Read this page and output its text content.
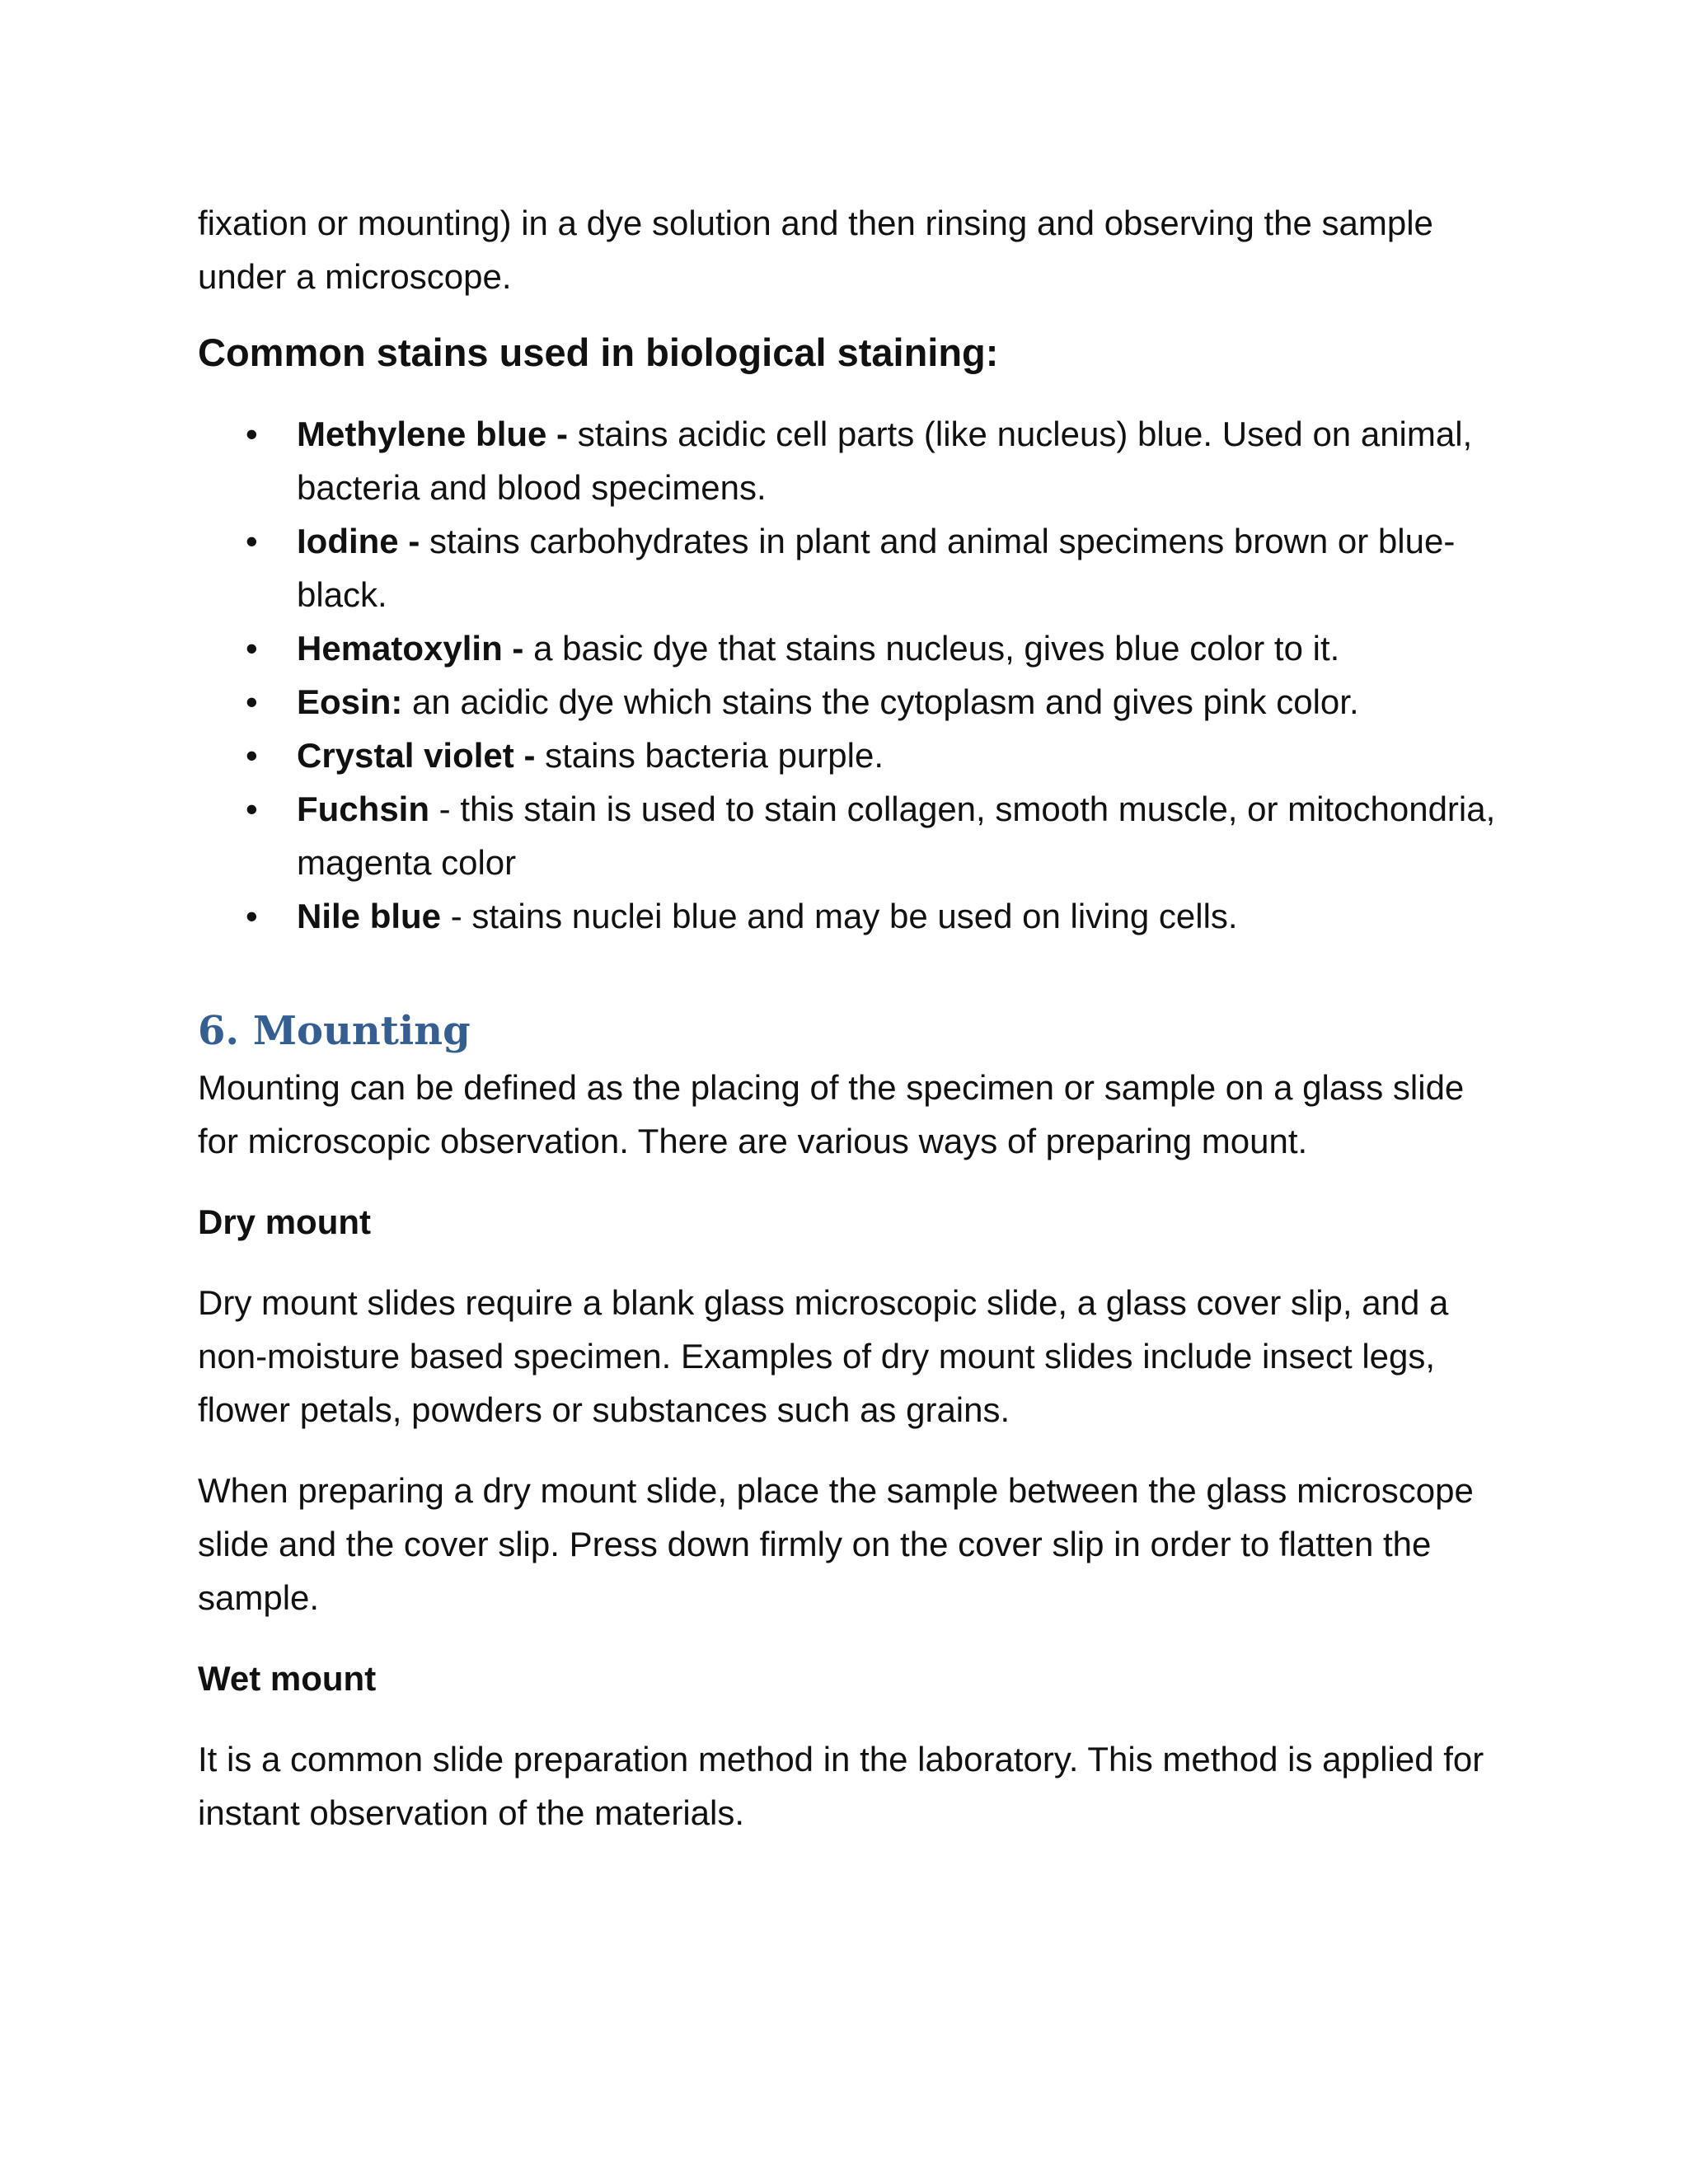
fixation or mounting) in a dye solution and then rinsing and observing the sample under a microscope.

Common stains used in biological staining:
• Methylene blue - stains acidic cell parts (like nucleus) blue. Used on animal, bacteria and blood specimens.
• Iodine - stains carbohydrates in plant and animal specimens brown or blue-black.
• Hematoxylin - a basic dye that stains nucleus, gives blue color to it.
• Eosin: an acidic dye which stains the cytoplasm and gives pink color.
• Crystal violet - stains bacteria purple.
• Fuchsin - this stain is used to stain collagen, smooth muscle, or mitochondria, magenta color
• Nile blue - stains nuclei blue and may be used on living cells.
6. Mounting

Mounting can be defined as the placing of the specimen or sample on a glass slide for microscopic observation. There are various ways of preparing mount.

Dry mount

Dry mount slides require a blank glass microscopic slide, a glass cover slip, and a non-moisture based specimen. Examples of dry mount slides include insect legs, flower petals, powders or substances such as grains.

When preparing a dry mount slide, place the sample between the glass microscope slide and the cover slip. Press down firmly on the cover slip in order to flatten the sample.

Wet mount

It is a common slide preparation method in the laboratory. This method is applied for instant observation of the materials.
